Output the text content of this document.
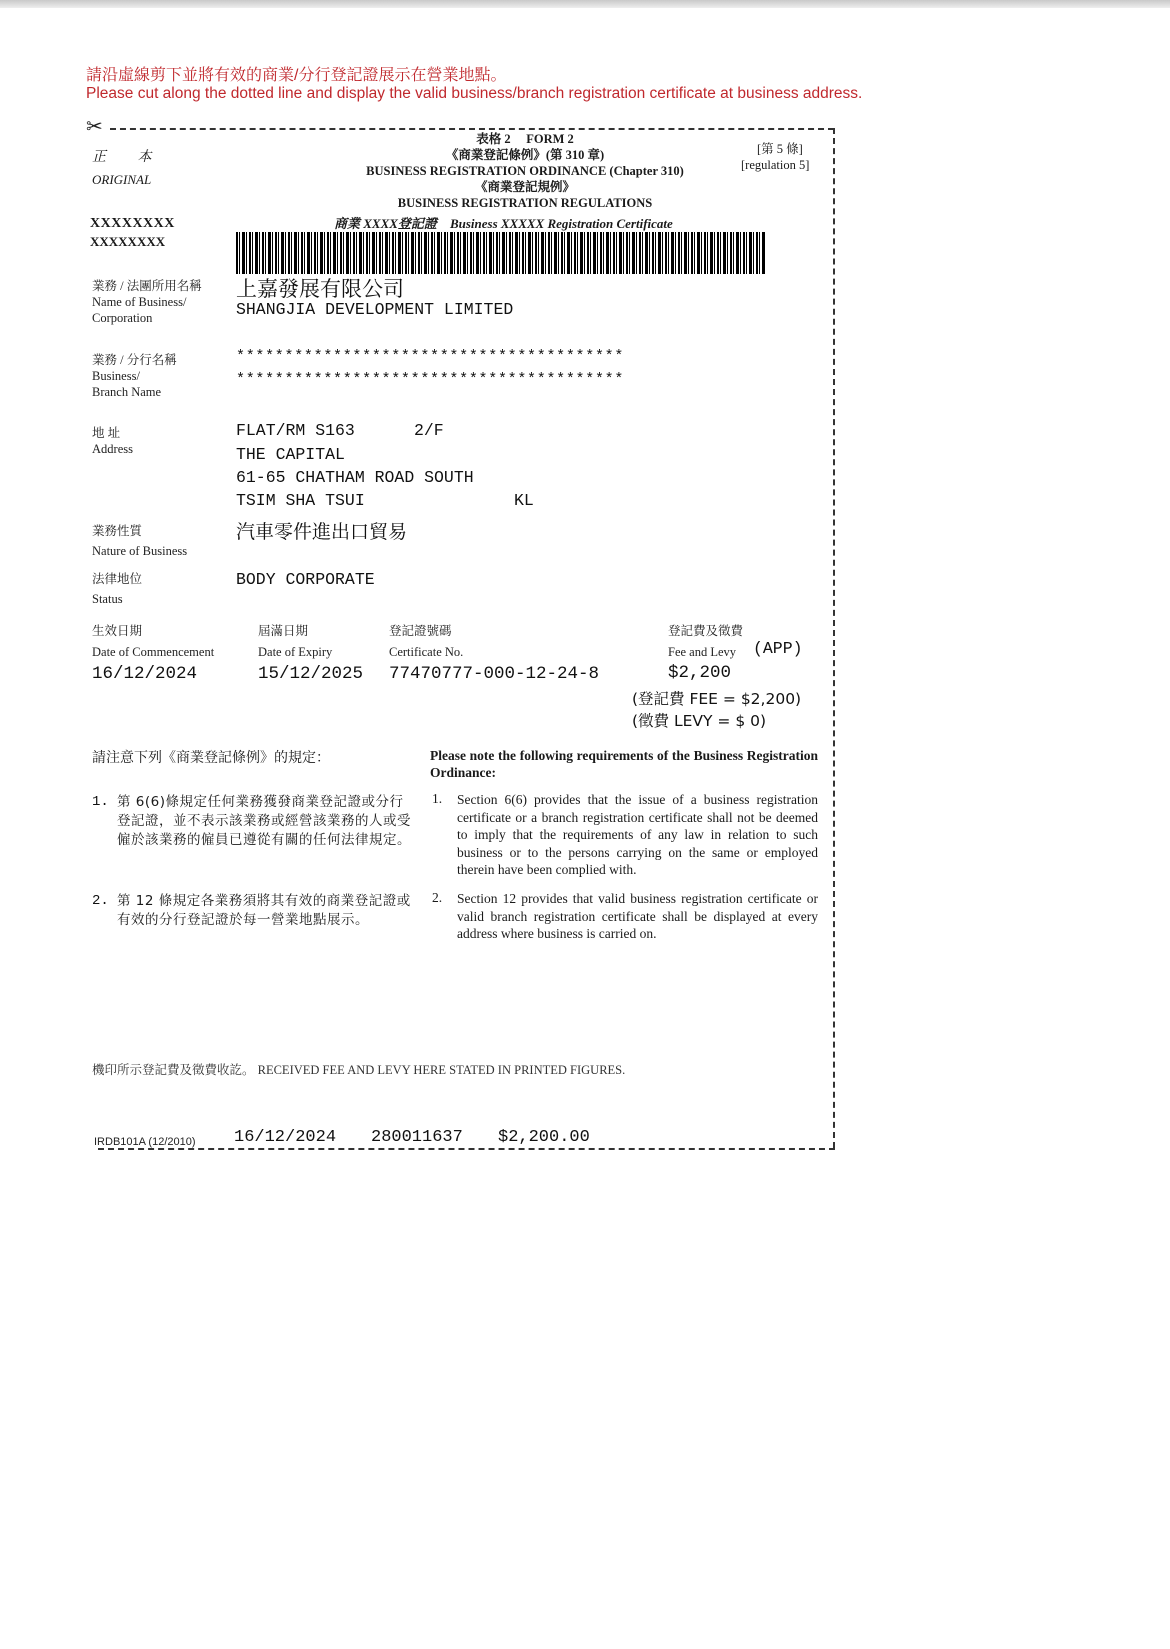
請沿虛線剪下並將有效的商業/分行登記證展示在營業地點。
Please cut along the dotted line and display the valid business/branch registration certificate at business address.
✂
正 本
ORIGINAL
XXXXXXXX
XXXXXXXX
表格 2 FORM 2
《商業登記條例》(第 310 章)
BUSINESS REGISTRATION ORDINANCE (Chapter 310)
《商業登記規例》
BUSINESS REGISTRATION REGULATIONS
商業 XXXX登記證 Business XXXXX Registration Certificate
[第 5 條]
[regulation 5]
業務 / 法團所用名稱
Name of Business/
Corporation
上嘉發展有限公司
SHANGJIA DEVELOPMENT LIMITED
業務 / 分行名稱
Business/
Branch Name
****************************************
****************************************
地 址
Address
FLAT/RM S163	2/F
THE CAPITAL
61-65 CHATHAM ROAD SOUTH
TSIM SHA TSUI	KL
業務性質
Nature of Business
汽車零件進出口貿易
法律地位
Status
BODY CORPORATE
生效日期
Date of Commencement
16/12/2024
屆滿日期
Date of Expiry
15/12/2025
登記證號碼
Certificate No.
77470777-000-12-24-8
登記費及徵費
Fee and Levy (APP)
$2,200
(登記費 FEE = $2,200)
(徵費 LEVY = $ 0)
請注意下列《商業登記條例》的規定：	Please note the following requirements of the Business Registration Ordinance:
1. 第 6(6)條規定任何業務獲發商業登記證或分行登記證，並不表示該業務或經營該業務的人或受僱於該業務的僱員已遵從有關的任何法律規定。
1. Section 6(6) provides that the issue of a business registration certificate or a branch registration certificate shall not be deemed to imply that the requirements of any law in relation to such business or to the persons carrying on the same or employed therein have been complied with.
2. 第 12 條規定各業務須將其有效的商業登記證或有效的分行登記證於每一營業地點展示。
2. Section 12 provides that valid business registration certificate or valid branch registration certificate shall be displayed at every address where business is carried on.
機印所示登記費及徵費收訖。 RECEIVED FEE AND LEVY HERE STATED IN PRINTED FIGURES.
IRDB101A (12/2010) 16/12/2024 280011637 $2,200.00
